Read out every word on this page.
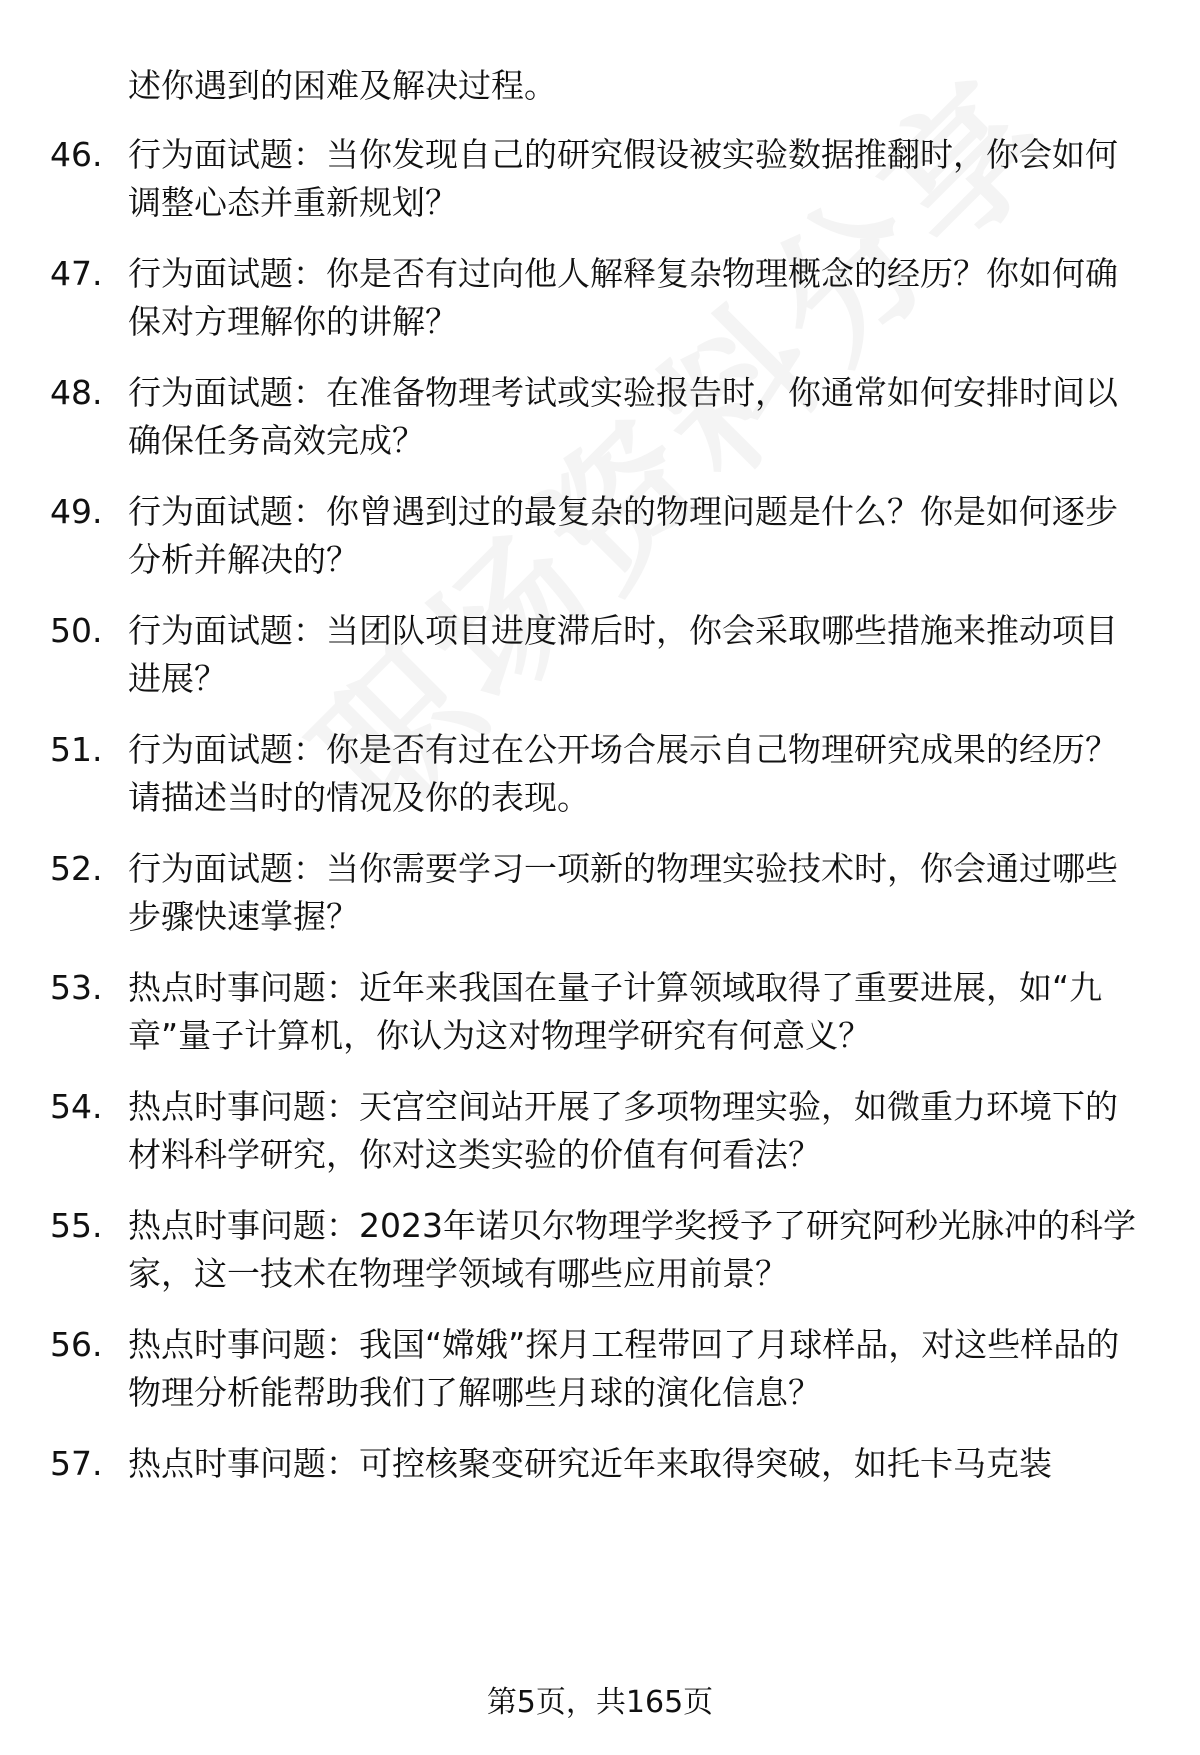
述你遇到的困难及解决过程。

46. 行为面试题：当你发现自己的研究假设被实验数据推翻时，你会如何调整心态并重新规划？
47. 行为面试题：你是否有过向他人解释复杂物理概念的经历？你如何确保对方理解你的讲解？
48. 行为面试题：在准备物理考试或实验报告时，你通常如何安排时间以确保任务高效完成？
49. 行为面试题：你曾遇到过的最复杂的物理问题是什么？你是如何逐步分析并解决的？
50. 行为面试题：当团队项目进度滞后时，你会采取哪些措施来推动项目进展？
51. 行为面试题：你是否有过在公开场合展示自己物理研究成果的经历？请描述当时的情况及你的表现。
52. 行为面试题：当你需要学习一项新的物理实验技术时，你会通过哪些步骤快速掌握？
53. 热点时事问题：近年来我国在量子计算领域取得了重要进展，如“九章”量子计算机，你认为这对物理学研究有何意义？
54. 热点时事问题：天宫空间站开展了多项物理实验，如微重力环境下的材料科学研究，你对这类实验的价值有何看法？
55. 热点时事问题：2023年诺贝尔物理学奖授予了研究阿秒光脉冲的科学家，这一技术在物理学领域有哪些应用前景？
56. 热点时事问题：我国“嫦娥”探月工程带回了月球样品，对这些样品的物理分析能帮助我们了解哪些月球的演化信息？
57. 热点时事问题：可控核聚变研究近年来取得突破，如托卡马克装
第5页，共165页
